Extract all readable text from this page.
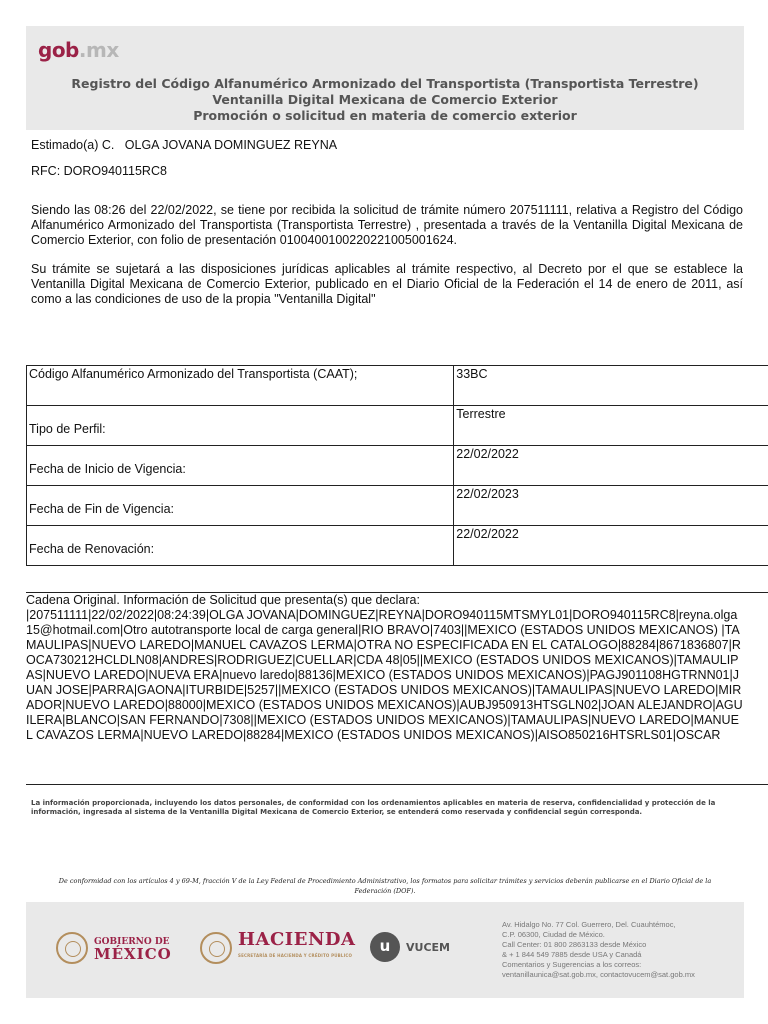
gob.mx
Registro del Código Alfanumérico Armonizado del Transportista (Transportista Terrestre)
Ventanilla Digital Mexicana de Comercio Exterior
Promoción o solicitud en materia de comercio exterior
Estimado(a) C.   OLGA JOVANA DOMINGUEZ REYNA
RFC: DORO940115RC8
Siendo las 08:26 del 22/02/2022, se tiene por recibida la solicitud de trámite número 207511111, relativa a Registro del Código Alfanumérico Armonizado del Transportista (Transportista Terrestre) , presentada a través de la Ventanilla Digital Mexicana de Comercio Exterior, con folio de presentación 0100400100220221005001624.
Su trámite se sujetará a las disposiciones jurídicas aplicables al trámite respectivo, al Decreto por el que se establece la Ventanilla Digital Mexicana de Comercio Exterior, publicado en el Diario Oficial de la Federación el 14 de enero de 2011, así como a las condiciones de uso de la propia "Ventanilla Digital"
Código Alfanumérico Armonizado del Transportista (CAAT);	33BC
Tipo de Perfil:	Terrestre
Fecha de Inicio de Vigencia:	22/02/2022
Fecha de Fin de Vigencia:	22/02/2023
Fecha de Renovación:	22/02/2022
Cadena Original. Información de Solicitud que presenta(s) que declara:
|207511111|22/02/2022|08:24:39|OLGA JOVANA|DOMINGUEZ|REYNA|DORO940115MTSMYL01|DORO940115RC8|reyna.olga15@hotmail.com|Otro autotransporte local de carga general|RIO BRAVO|7403||MEXICO (ESTADOS UNIDOS MEXICANOS) |TAMAULIPAS|NUEVO LAREDO|MANUEL CAVAZOS LERMA|OTRA NO ESPECIFICADA EN EL CATALOGO|88284|8671836807|ROCA730212HCLDLN08|ANDRES|RODRIGUEZ|CUELLAR|CDA 48|05||MEXICO (ESTADOS UNIDOS MEXICANOS)|TAMAULIPAS|NUEVO LAREDO|NUEVA ERA|nuevo laredo|88136|MEXICO (ESTADOS UNIDOS MEXICANOS)|PAGJ901108HGTRNN01|JUAN JOSE|PARRA|GAONA|ITURBIDE|5257||MEXICO (ESTADOS UNIDOS MEXICANOS)|TAMAULIPAS|NUEVO LAREDO|MIRADOR|NUEVO LAREDO|88000|MEXICO (ESTADOS UNIDOS MEXICANOS)|AUBJ950913HTSGLN02|JOAN ALEJANDRO|AGUILERA|BLANCO|SAN FERNANDO|7308||MEXICO (ESTADOS UNIDOS MEXICANOS)|TAMAULIPAS|NUEVO LAREDO|MANUEL CAVAZOS LERMA|NUEVO LAREDO|88284|MEXICO (ESTADOS UNIDOS MEXICANOS)|AISO850216HTSRLS01|OSCAR
La información proporcionada, incluyendo los datos personales, de conformidad con los ordenamientos aplicables en materia de reserva, confidencialidad y protección de la información, ingresada al sistema de la Ventanilla Digital Mexicana de Comercio Exterior, se entenderá como reservada y confidencial según corresponda.
De conformidad con los artículos 4 y 69-M, fracción V de la Ley Federal de Procedimiento Administrativo, los formatos para solicitar trámites y servicios deberán publicarse en el Diario Oficial de la Federación (DOF).
GOBIERNO DE
MÉXICO
HACIENDA
SECRETARÍA DE HACIENDA Y CRÉDITO PÚBLICO
u	VUCEM
Av. Hidalgo No. 77 Col. Guerrero, Del. Cuauhtémoc,
C.P. 06300, Ciudad de México.
Call Center: 01 800 2863133 desde México
& + 1 844 549 7885 desde USA y Canadá
Comentarios y Sugerencias a los correos:
ventanillaunica@sat.gob.mx, contactovucem@sat.gob.mx
